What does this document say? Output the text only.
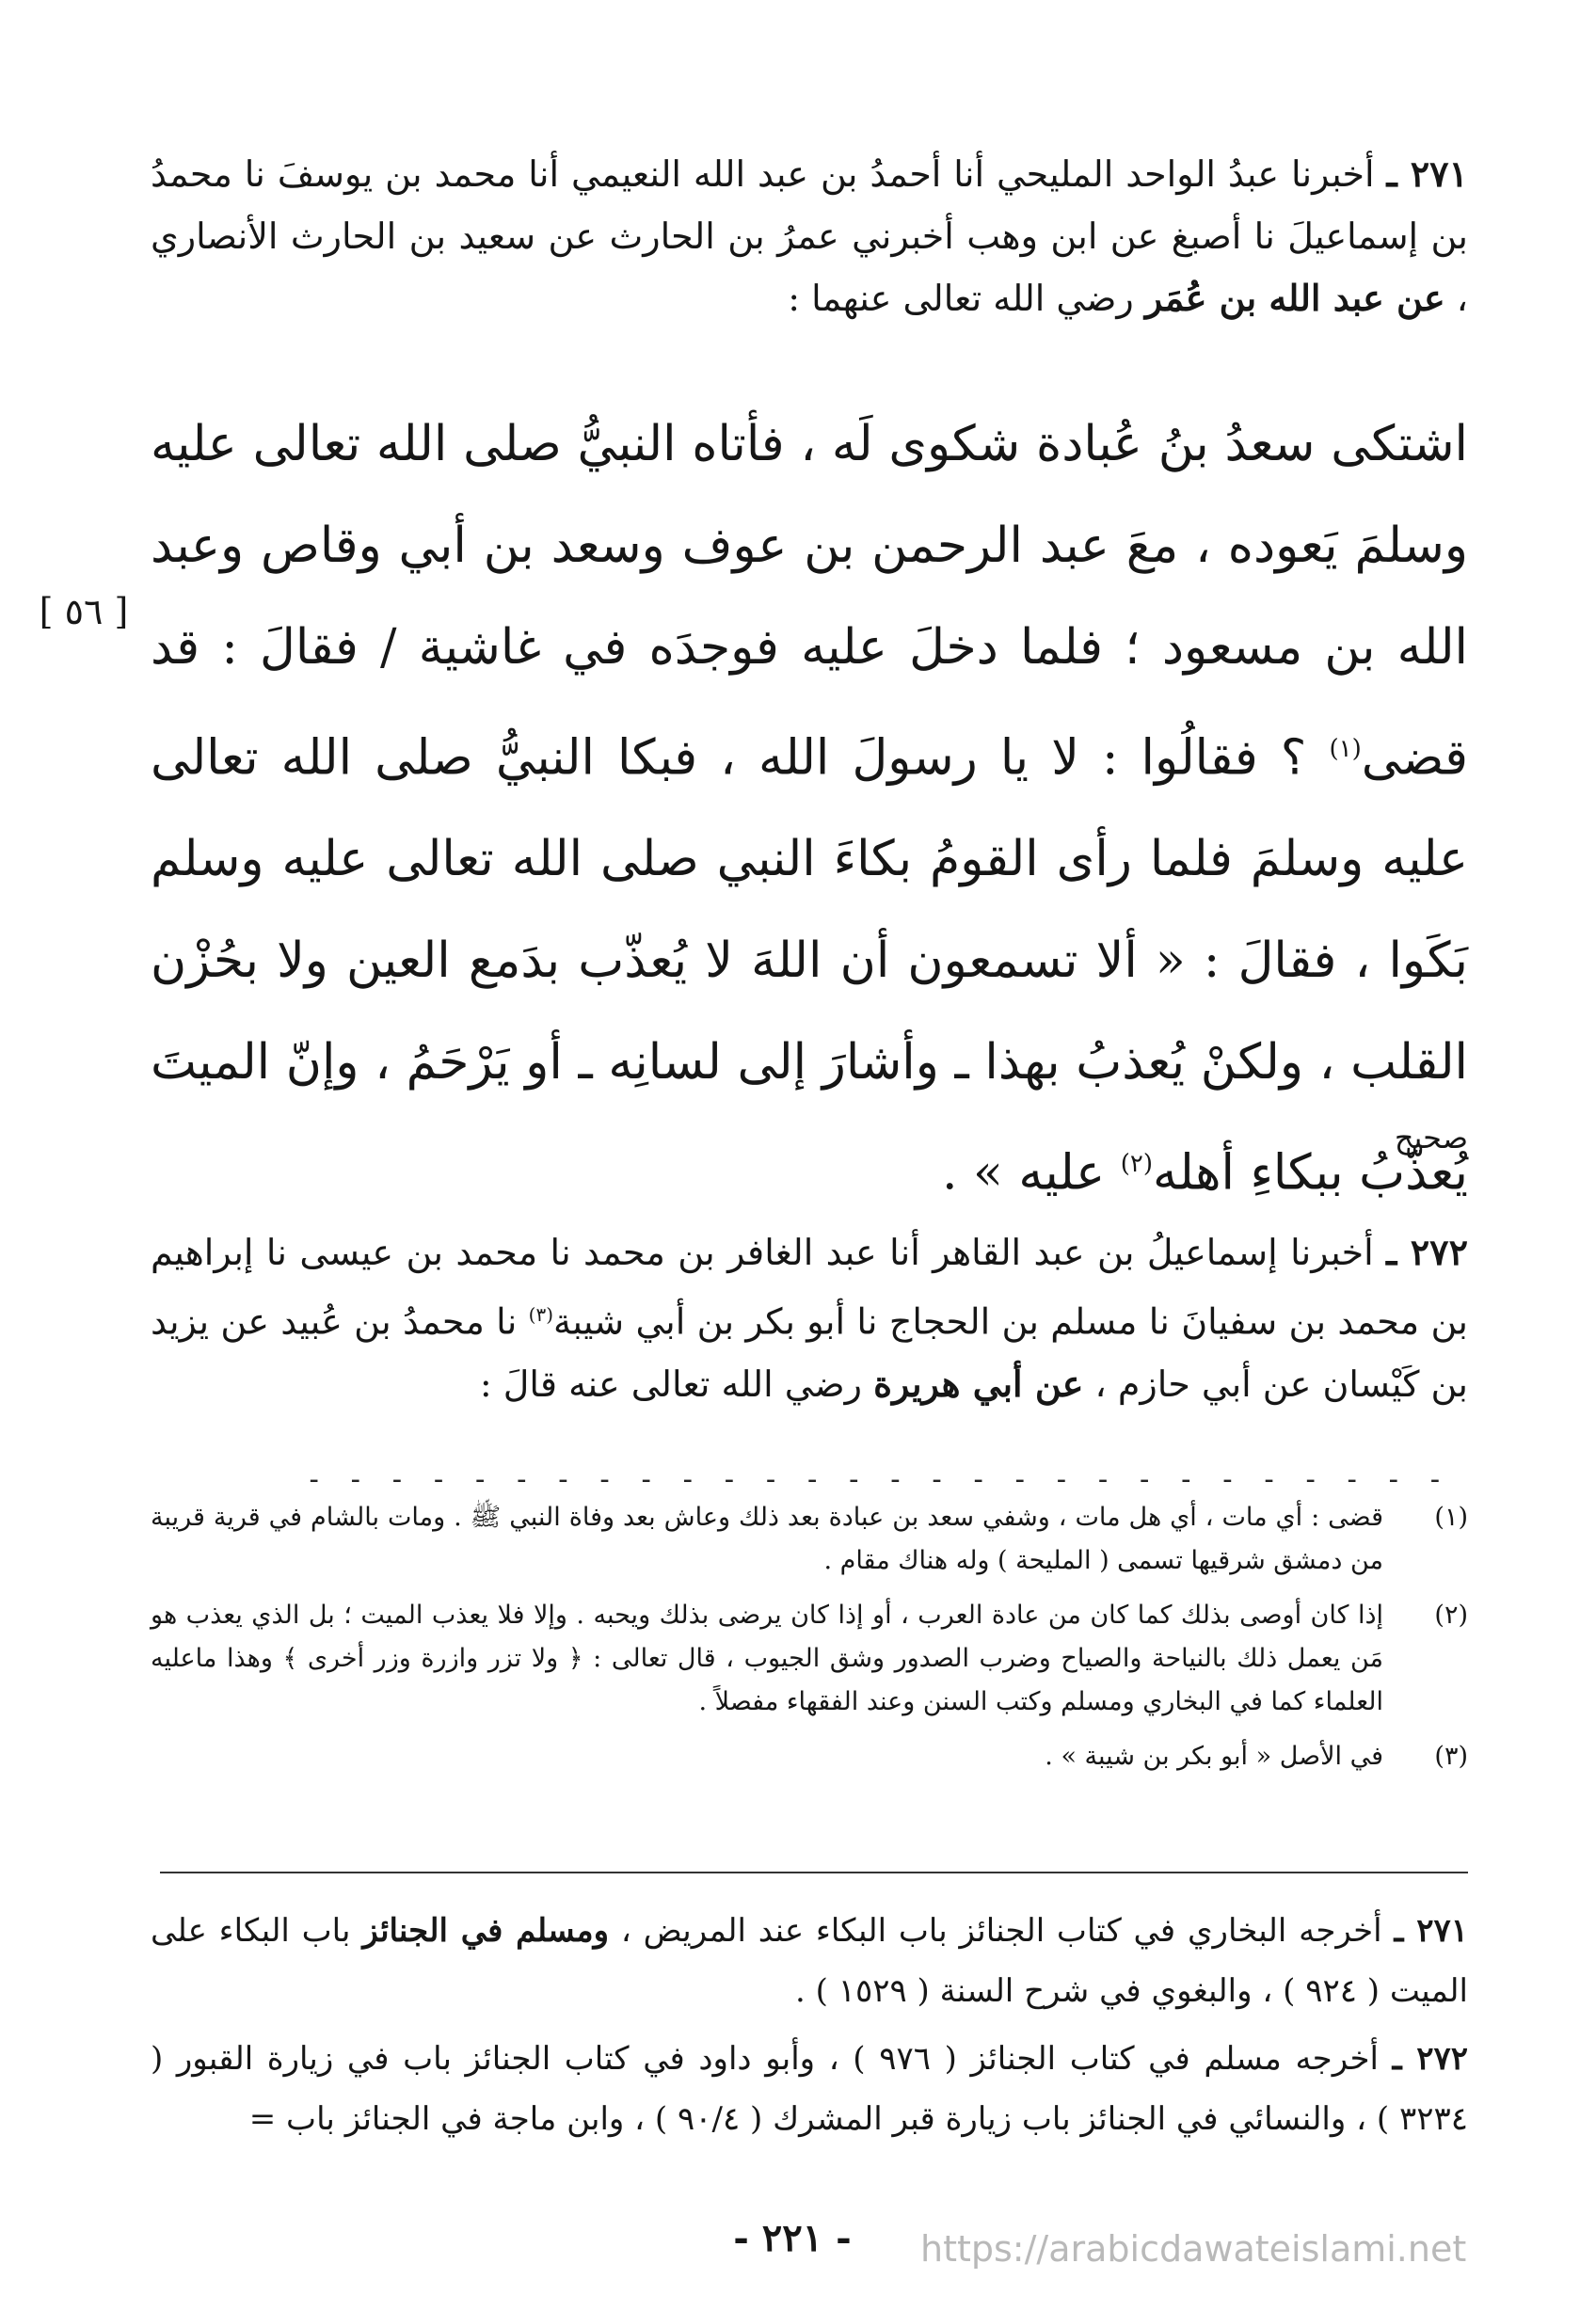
٢٧١ ـ أخبرنا عبدُ الواحد المليحي أنا أحمدُ بن عبد الله النعيمي أنا محمد بن يوسفَ نا محمدُ بن إسماعيلَ نا أصبغ عن ابن وهب أخبرني عمرُ بن الحارث عن سعيد بن الحارث الأنصاري ، عن عبد الله بن عُمَر رضي الله تعالى عنهما :
اشتكى سعدُ بنُ عُبادة شكوى لَه ، فأتاه النبيُّ صلى الله تعالى عليه وسلمَ يَعوده ، معَ عبد الرحمن بن عوف وسعد بن أبي وقاص وعبد الله بن مسعود ؛ فلما دخلَ عليه فوجدَه في غاشية / فقالَ : قد قضى$^{(١)}$ ؟ فقالُوا : لا يا رسولَ الله ، فبكا النبيُّ صلى الله تعالى عليه وسلمَ فلما رأى القومُ بكاءَ النبي صلى الله تعالى عليه وسلم بَكَوا ، فقالَ : « ألا تسمعون أن اللهَ لا يُعذّب بدَمع العين ولا بحُزْن القلب ، ولكنْ يُعذبُ بهذا ـ وأشارَ إلى لسانِه ـ أو يَرْحَمُ ، وإنّ الميتَ يُعذّبُ ببكاءِ أهله$^{(٢)}$ عليه » .
[ ٥٦ ]
صحيح
٢٧٢ ـ أخبرنا إسماعيلُ بن عبد القاهر أنا عبد الغافر بن محمد نا محمد بن عيسى نا إبراهيم بن محمد بن سفيانَ نا مسلم بن الحجاج نا أبو بكر بن أبي شيبة$^{(٣)}$ نا محمدُ بن عُبيد عن يزيد بن كَيْسان عن أبي حازم ، عن أبي هريرة رضي الله تعالى عنه قالَ :
- - - - - - - - - - - - - - - - - - - - - - - - - - - -
(١)
قضى : أي مات ، أي هل مات ، وشفي سعد بن عبادة بعد ذلك وعاش بعد وفاة النبي ﷺ . ومات بالشام في قرية قريبة من دمشق شرقيها تسمى ( المليحة ) وله هناك مقام .
(٢)
إذا كان أوصى بذلك كما كان من عادة العرب ، أو إذا كان يرضى بذلك ويحبه . وإلا فلا يعذب الميت ؛ بل الذي يعذب هو مَن يعمل ذلك بالنياحة والصياح وضرب الصدور وشق الجيوب ، قال تعالى : ﴿ ولا تزر وازرة وزر أخرى ﴾ وهذا ماعليه العلماء كما في البخاري ومسلم وكتب السنن وعند الفقهاء مفصلاً .
(٣)
في الأصل « أبو بكر بن شيبة » .
٢٧١ ـ أخرجه البخاري في كتاب الجنائز باب البكاء عند المريض ، ومسلم في الجنائز باب البكاء على الميت ( ٩٢٤ ) ، والبغوي في شرح السنة ( ١٥٢٩ ) .
٢٧٢ ـ أخرجه مسلم في كتاب الجنائز ( ٩٧٦ ) ، وأبو داود في كتاب الجنائز باب في زيارة القبور ( ٣٢٣٤ ) ، والنسائي في الجنائز باب زيارة قبر المشرك ( ٩٠/٤ ) ، وابن ماجة في الجنائز باب =
- ٢٢١ -	https://arabicdawateislami.net
